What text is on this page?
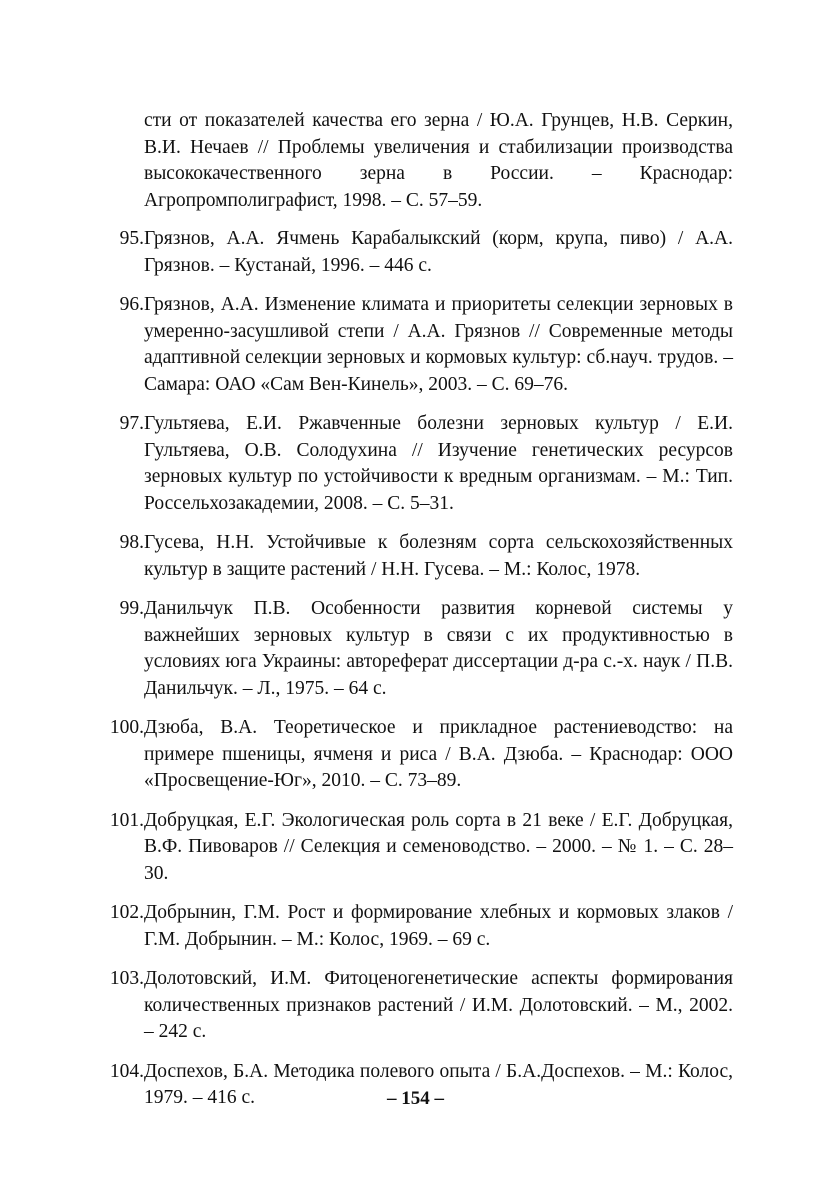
сти от показателей качества его зерна / Ю.А. Грунцев, Н.В. Серкин, В.И. Нечаев // Проблемы увеличения и стабилизации производства высококачественного зерна в России. – Краснодар: Агропромполиграфист, 1998. – С. 57–59.
95. Грязнов, А.А. Ячмень Карабалыкский (корм, крупа, пиво) / А.А. Грязнов. – Кустанай, 1996. – 446 с.
96. Грязнов, А.А. Изменение климата и приоритеты селекции зерновых в умеренно-засушливой степи / А.А. Грязнов // Современные методы адаптивной селекции зерновых и кормовых культур: сб.науч. трудов. – Самара: ОАО «Сам Вен-Кинель», 2003. – С. 69–76.
97. Гультяева, Е.И. Ржавченные болезни зерновых культур / Е.И. Гультяева, О.В. Солодухина // Изучение генетических ресурсов зерновых культур по устойчивости к вредным организмам. – М.: Тип. Россельхозакадемии, 2008. – С. 5–31.
98. Гусева, Н.Н. Устойчивые к болезням сорта сельскохозяйственных культур в защите растений / Н.Н. Гусева. – М.: Колос, 1978.
99. Данильчук П.В. Особенности развития корневой системы у важнейших зерновых культур в связи с их продуктивностью в условиях юга Украины: автореферат диссертации д-ра с.-х. наук / П.В. Данильчук. – Л., 1975. – 64 с.
100. Дзюба, В.А. Теоретическое и прикладное растениеводство: на примере пшеницы, ячменя и риса / В.А. Дзюба. – Краснодар: ООО «Просвещение-Юг», 2010. – С. 73–89.
101. Добруцкая, Е.Г. Экологическая роль сорта в 21 веке / Е.Г. Добруцкая, В.Ф. Пивоваров // Селекция и семеноводство. – 2000. – № 1. – С. 28–30.
102. Добрынин, Г.М. Рост и формирование хлебных и кормовых злаков / Г.М. Добрынин. – М.: Колос, 1969. – 69 с.
103. Долотовский, И.М. Фитоценогенетические аспекты формирования количественных признаков растений / И.М. Долотовский. – М., 2002. – 242 с.
104. Доспехов, Б.А. Методика полевого опыта / Б.А.Доспехов. – М.: Колос, 1979. – 416 с.	– 154 –
